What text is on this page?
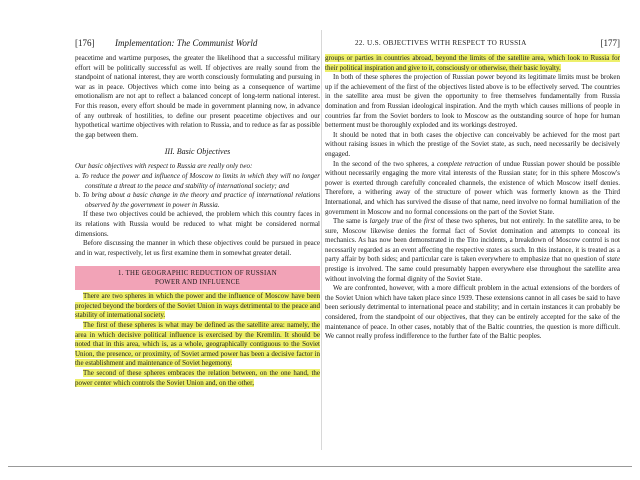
[176] Implementation: The Communist World

peacetime and wartime purposes, the greater the likelihood that a successful military effort will be politically successful as well. If objectives are really sound from the standpoint of national interest, they are worth consciously formulating and pursuing in war as in peace. Objectives which come into being as a consequence of wartime emotionalism are not apt to reflect a balanced concept of long-term national interest. For this reason, every effort should be made in government planning now, in advance of any outbreak of hostilities, to define our present peacetime objectives and our hypothetical wartime objectives with relation to Russia, and to reduce as far as possible the gap between them.

III. Basic Objectives

Our basic objectives with respect to Russia are really only two:

a. To reduce the power and influence of Moscow to limits in which they will no longer constitute a threat to the peace and stability of international society; and
b. To bring about a basic change in the theory and practice of international relations observed by the government in power in Russia.

If these two objectives could be achieved, the problem which this country faces in its relations with Russia would be reduced to what might be considered normal dimensions.

Before discussing the manner in which these objectives could be pursued in peace and in war, respectively, let us first examine them in somewhat greater detail.

1. THE GEOGRAPHIC REDUCTION OF RUSSIAN
POWER AND INFLUENCE

There are two spheres in which the power and the influence of Moscow have been projected beyond the borders of the Soviet Union in ways detrimental to the peace and stability of international society.

The first of these spheres is what may be defined as the satellite area: namely, the area in which decisive political influence is exercised by the Kremlin. It should be noted that in this area, which is, as a whole, geographically contiguous to the Soviet Union, the presence, or proximity, of Soviet armed power has been a decisive factor in the establishment and maintenance of Soviet hegemony.

The second of these spheres embraces the relation between, on the one hand, the power center which controls the Soviet Union and, on the other,

22. U.S. OBJECTIVES WITH RESPECT TO RUSSIA	[177]

groups or parties in countries abroad, beyond the limits of the satellite area, which look to Russia for their political inspiration and give to it, consciously or otherwise, their basic loyalty.

In both of these spheres the projection of Russian power beyond its legitimate limits must be broken up if the achievement of the first of the objectives listed above is to be effectively served. The countries in the satellite area must be given the opportunity to free themselves fundamentally from Russia domination and from Russian ideological inspiration. And the myth which causes millions of people in countries far from the Soviet borders to look to Moscow as the outstanding source of hope for human betterment must be thoroughly exploded and its workings destroyed.

It should be noted that in both cases the objective can conceivably be achieved for the most part without raising issues in which the prestige of the Soviet state, as such, need necessarily be decisively engaged.

In the second of the two spheres, a complete retraction of undue Russian power should be possible without necessarily engaging the more vital interests of the Russian state; for in this sphere Moscow's power is exerted through carefully concealed channels, the existence of which Moscow itself denies. Therefore, a withering away of the structure of power which was formerly known as the Third International, and which has survived the disuse of that name, need involve no formal humiliation of the government in Moscow and no formal concessions on the part of the Soviet State.

The same is largely true of the first of these two spheres, but not entirely. In the satellite area, to be sure, Moscow likewise denies the formal fact of Soviet domination and attempts to conceal its mechanics. As has now been demonstrated in the Tito incidents, a breakdown of Moscow control is not necessarily regarded as an event affecting the respective states as such. In this instance, it is treated as a party affair by both sides; and particular care is taken everywhere to emphasize that no question of state prestige is involved. The same could presumably happen everywhere else throughout the satellite area without involving the formal dignity of the Soviet State.

We are confronted, however, with a more difficult problem in the actual extensions of the borders of the Soviet Union which have taken place since 1939. These extensions cannot in all cases be said to have been seriously detrimental to international peace and stability; and in certain instances it can probably be considered, from the standpoint of our objectives, that they can be entirely accepted for the sake of the maintenance of peace. In other cases, notably that of the Baltic countries, the question is more difficult. We cannot really profess indifference to the further fate of the Baltic peoples.
